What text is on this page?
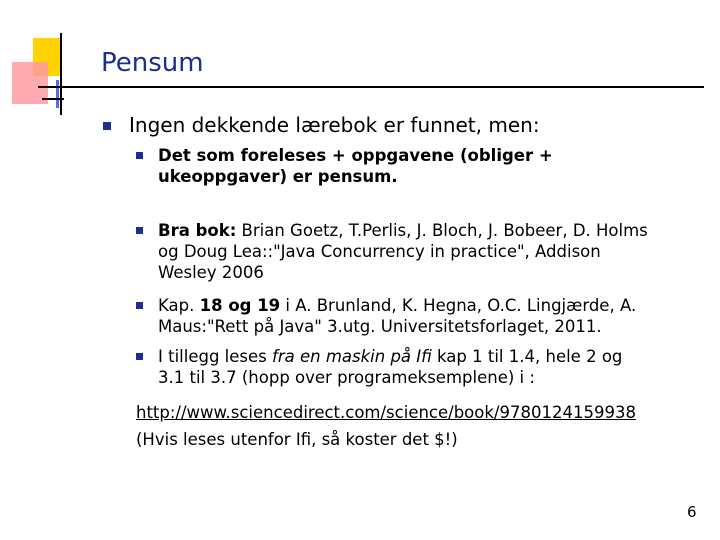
Pensum
Ingen dekkende lærebok er funnet, men:
Det som foreleses + oppgavene (obliger +
ukeoppgaver) er pensum.
Bra bok: Brian Goetz, T.Perlis, J. Bloch, J. Bobeer, D. Holms
og Doug Lea::"Java Concurrency in practice", Addison
Wesley 2006
Kap. 18 og 19 i A. Brunland, K. Hegna, O.C. Lingjærde, A.
Maus:"Rett på Java" 3.utg. Universitetsforlaget, 2011.
I tillegg leses fra en maskin på Ifi kap 1 til 1.4, hele 2 og
3.1 til 3.7 (hopp over programeksemplene) i :
http://www.sciencedirect.com/science/book/9780124159938
(Hvis leses utenfor Ifi, så koster det $!)
6
